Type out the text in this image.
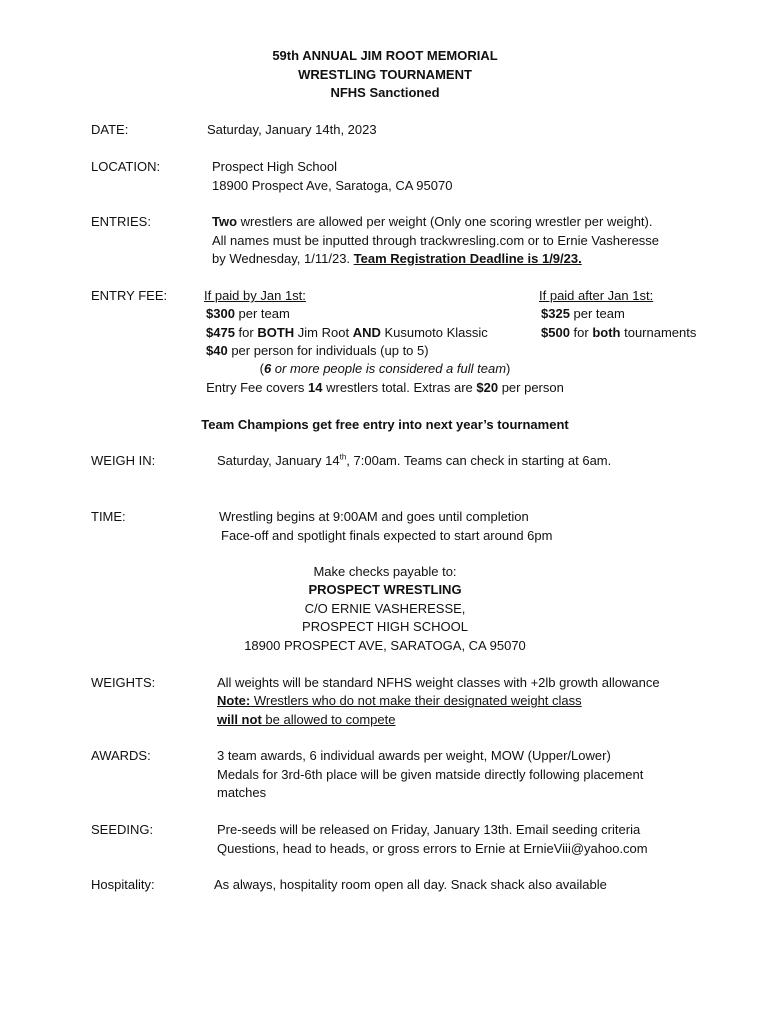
59th ANNUAL JIM ROOT MEMORIAL
WRESTLING TOURNAMENT
NFHS Sanctioned
DATE:	Saturday, January 14th, 2023
LOCATION:	Prospect High School
18900 Prospect Ave, Saratoga, CA 95070
ENTRIES:	Two wrestlers are allowed per weight (Only one scoring wrestler per weight).
All names must be inputted through trackwresling.com or to Ernie Vasheresse
by Wednesday, 1/11/23. Team Registration Deadline is 1/9/23.
ENTRY FEE:	If paid by Jan 1st:	If paid after Jan 1st:
$300 per team	$325 per team
$475 for BOTH Jim Root AND Kusumoto Klassic	$500 for both tournaments
$40 per person for individuals (up to 5)
(6 or more people is considered a full team)
Entry Fee covers 14 wrestlers total. Extras are $20 per person
Team Champions get free entry into next year’s tournament
WEIGH IN:	Saturday, January 14th, 7:00am. Teams can check in starting at 6am.
TIME:	Wrestling begins at 9:00AM and goes until completion
Face-off and spotlight finals expected to start around 6pm
Make checks payable to:
PROSPECT WRESTLING
C/O ERNIE VASHERESSE,
PROSPECT HIGH SCHOOL
18900 PROSPECT AVE, SARATOGA, CA 95070
WEIGHTS:	All weights will be standard NFHS weight classes with +2lb growth allowance
Note: Wrestlers who do not make their designated weight class
will not be allowed to compete
AWARDS:	3 team awards, 6 individual awards per weight, MOW (Upper/Lower)
Medals for 3rd-6th place will be given matside directly following placement
matches
SEEDING:	Pre-seeds will be released on Friday, January 13th. Email seeding criteria
Questions, head to heads, or gross errors to Ernie at ErnieViii@yahoo.com
Hospitality:	As always, hospitality room open all day. Snack shack also available
